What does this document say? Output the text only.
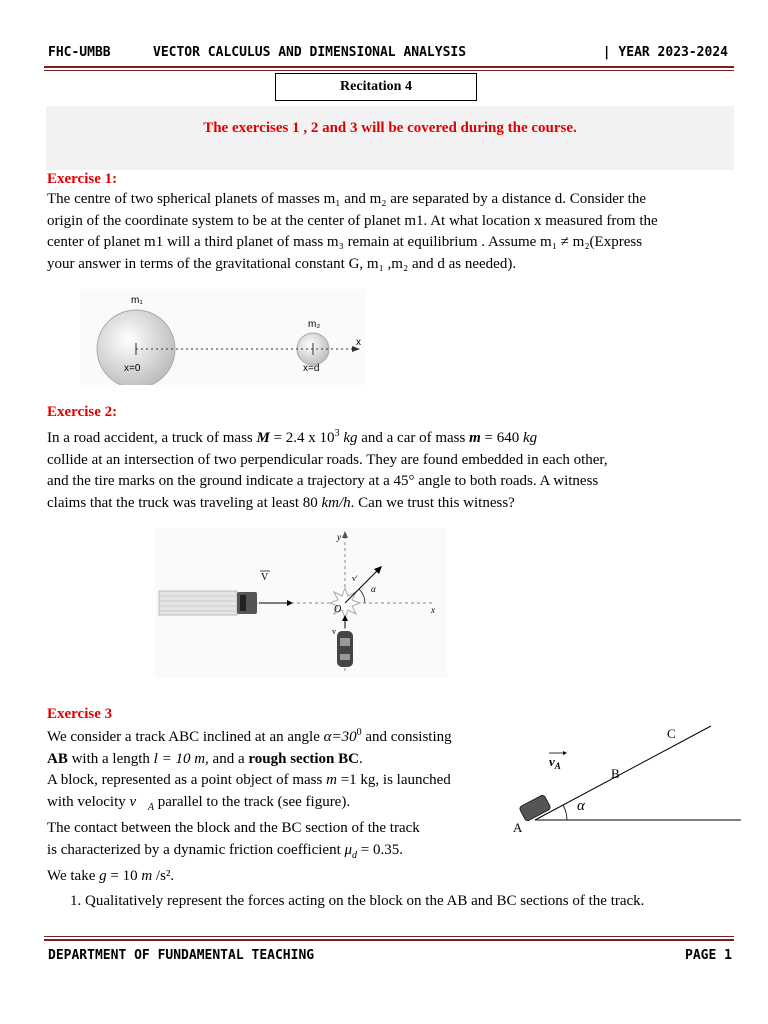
FHC-UMBB	VECTOR CALCULUS AND DIMENSIONAL ANALYSIS	| YEAR 2023-2024
Recitation 4
The exercises 1 , 2 and 3 will be covered during the course.
Exercise 1:
The centre of two spherical planets of masses m₁ and m₂ are separated by a distance d. Consider the
origin of the coordinate system to be at the center of planet m1. At what location x measured from the
center of planet m1 will a third planet of mass m₃ remain at equilibrium . Assume m₁ ≠ m₂(Express
your answer in terms of the gravitational constant G, m₁ ,m₂ and d as needed).
m₁
m₂
x=0	x=d
x
Exercise 2:
In a road accident, a truck of mass M = 2.4 x $10^3$ kg and a car of mass m = 640 kg
collide at an intersection of two perpendicular roads. They are found embedded in each other,
and the tire marks on the ground indicate a trajectory at a 45° angle to both roads. A witness
claims that the truck was traveling at least 80 km/h. Can we trust this witness?
y
x
V
O
v′
α
v
Exercise 3
We consider a track ABC inclined at an angle $\alpha=30^0$ and consisting
AB with a length l = 10 m, and a rough section BC.
A block, represented as a point object of mass m =1 kg, is launched
with velocity $v⃗_A$ parallel to the track (see figure).
The contact between the block and the BC section of the track
is characterized by a dynamic friction coefficient $\mu_d = 0.35$.
We take g = 10 m /s².
α
A
B
C
$v_A$
1. Qualitatively represent the forces acting on the block on the AB and BC sections of the track.
DEPARTMENT OF FUNDAMENTAL TEACHING	PAGE 1
